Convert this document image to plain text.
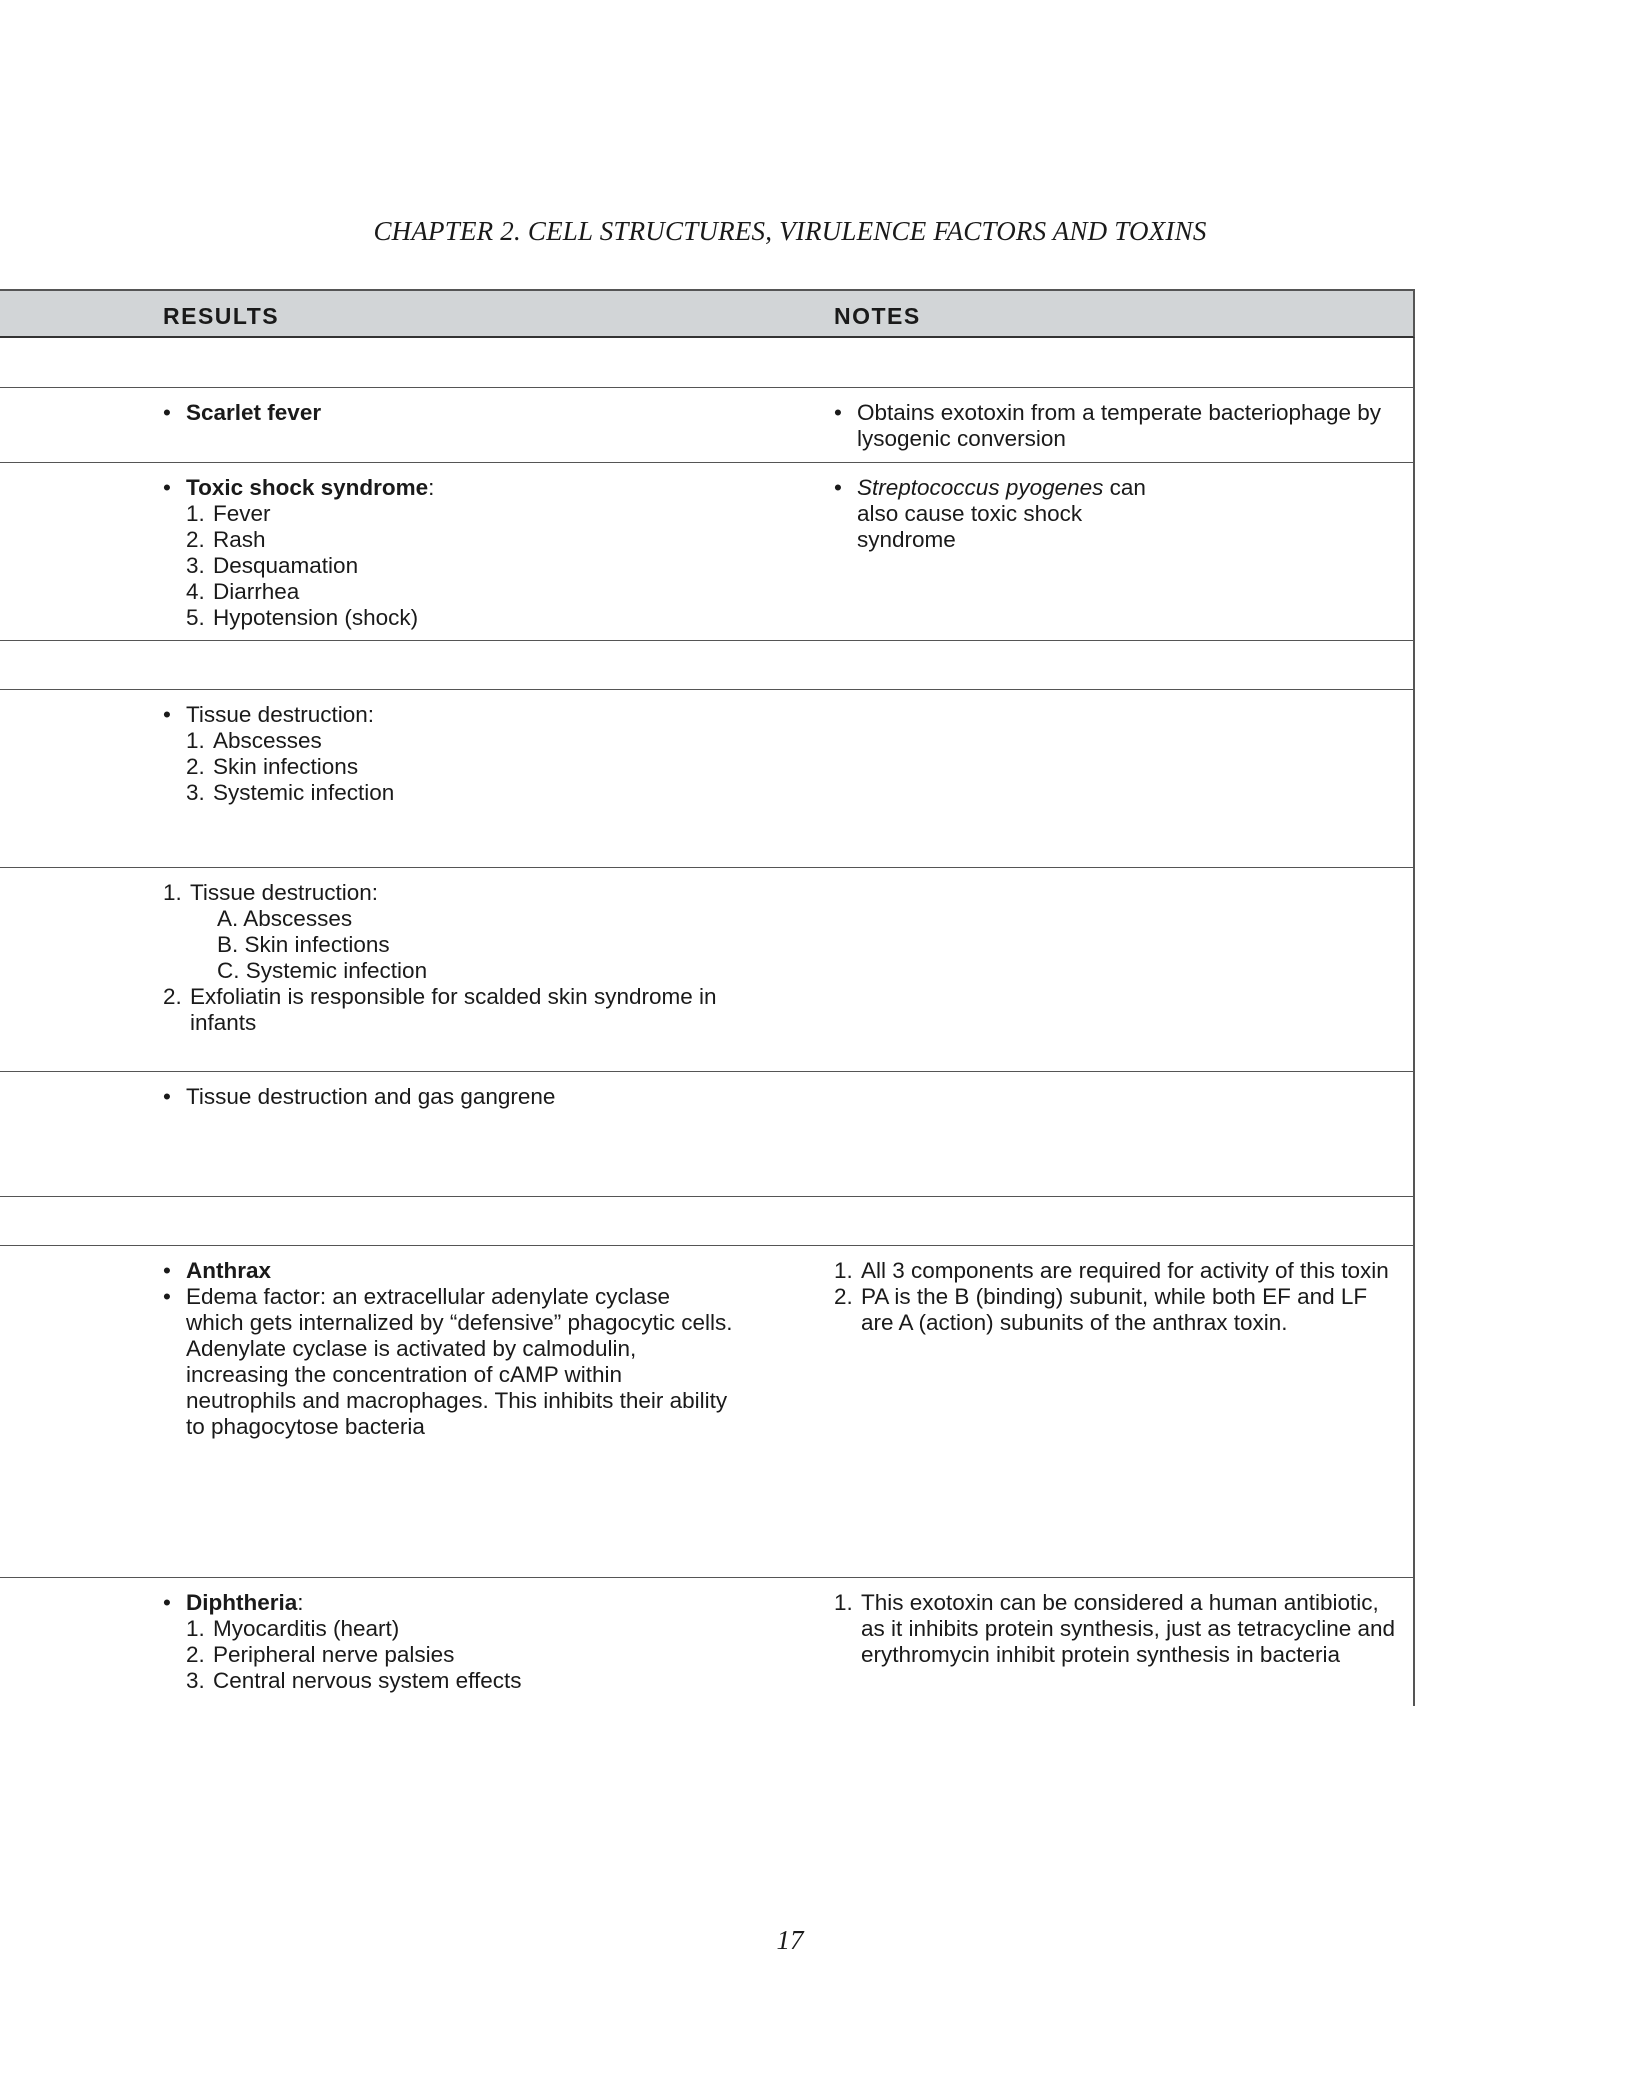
CHAPTER 2. CELL STRUCTURES, VIRULENCE FACTORS AND TOXINS
RESULTS	NOTES
• Scarlet fever
•	Obtains exotoxin from a temperate bacteriophage by lysogenic conversion
• Toxic shock syndrome:
1. Fever
2. Rash
3. Desquamation
4. Diarrhea
5. Hypotension (shock)
• Streptococcus pyogenes can also cause toxic shock syndrome
• Tissue destruction:
1. Abscesses
2. Skin infections
3. Systemic infection
1. Tissue destruction:
A. Abscesses
B. Skin infections
C. Systemic infection
2. Exfoliatin is responsible for scalded skin syndrome in infants
• Tissue destruction and gas gangrene
• Anthrax
• Edema factor: an extracellular adenylate cyclase which gets internalized by “defensive” phagocytic cells. Adenylate cyclase is activated by calmodulin, increasing the concentration of cAMP within neutrophils and macrophages. This inhibits their ability to phagocytose bacteria
1. All 3 components are required for activity of this toxin
2. PA is the B (binding) subunit, while both EF and LF are A (action) subunits of the anthrax toxin.
• Diphtheria:
1. Myocarditis (heart)
2. Peripheral nerve palsies
3. Central nervous system effects
1. This exotoxin can be considered a human antibiotic, as it inhibits protein synthesis, just as tetracycline and erythromycin inhibit protein synthesis in bacteria
17
